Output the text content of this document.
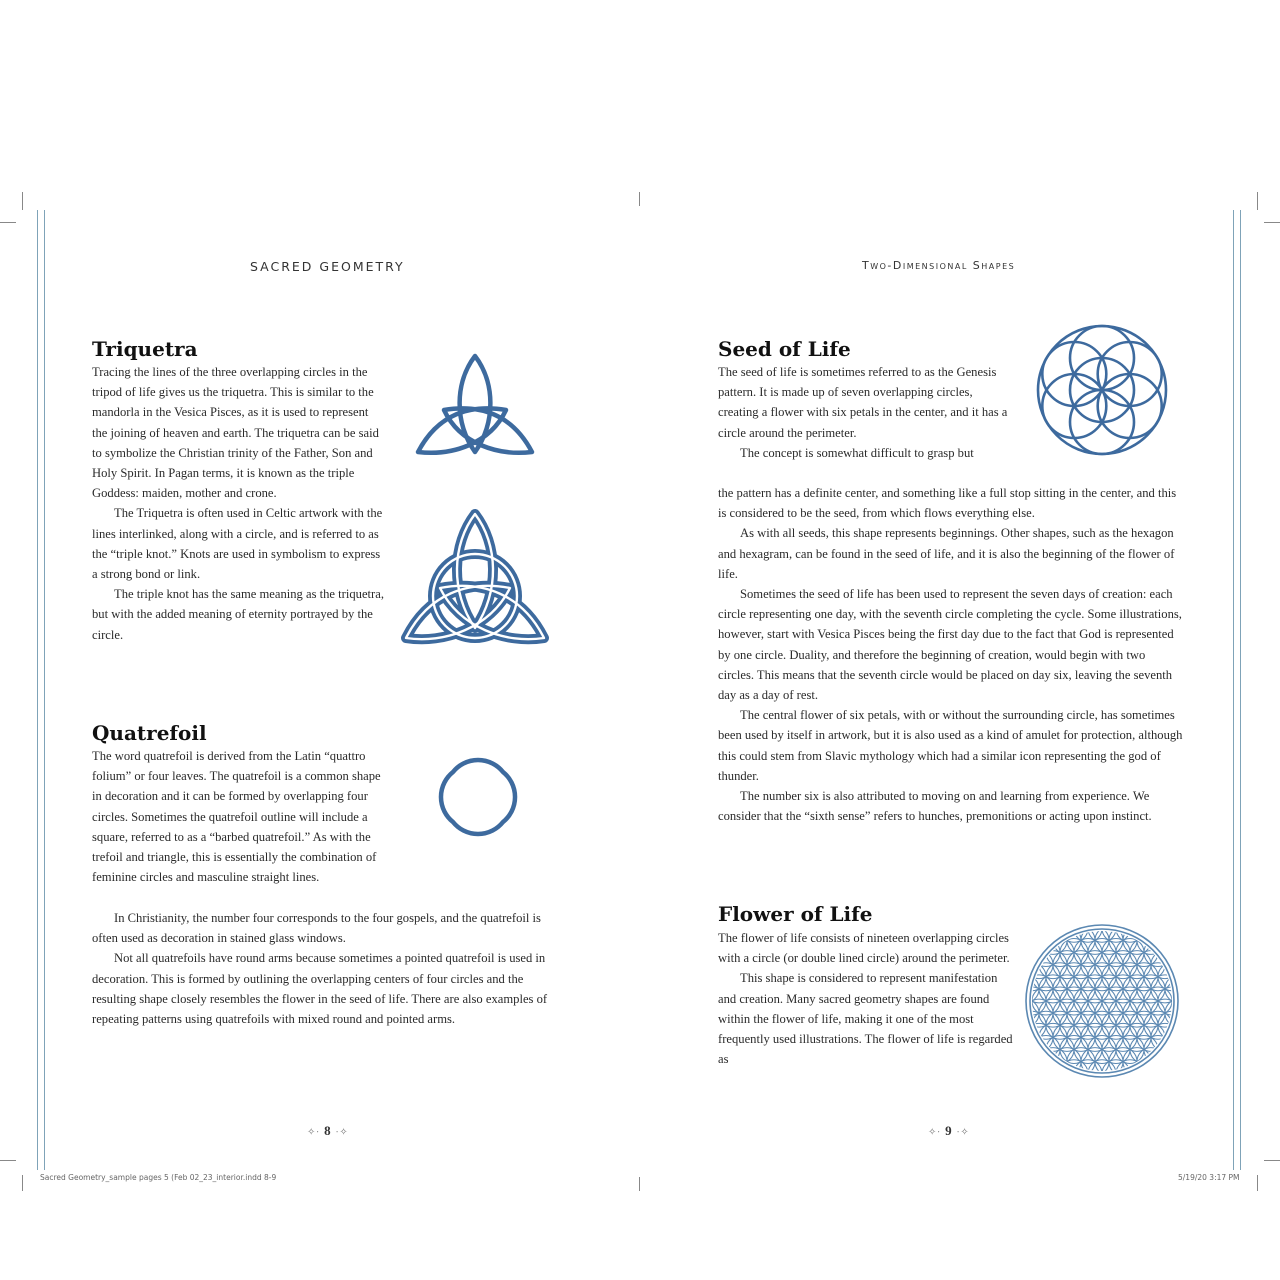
SACRED GEOMETRY
Triquetra

Tracing the lines of the three overlapping circles in the tripod of life gives us the triquetra. This is similar to the mandorla in the Vesica Pisces, as it is used to represent the joining of heaven and earth. The triquetra can be said to symbolize the Christian trinity of the Father, Son and Holy Spirit. In Pagan terms, it is known as the triple Goddess: maiden, mother and crone.

The Triquetra is often used in Celtic artwork with the lines interlinked, along with a circle, and is referred to as the “triple knot.” Knots are used in symbolism to express a strong bond or link.

The triple knot has the same meaning as the triquetra, but with the added meaning of eternity portrayed by the circle.

Quatrefoil

The word quatrefoil is derived from the Latin “quattro folium” or four leaves. The quatrefoil is a common shape in decoration and it can be formed by overlapping four circles. Sometimes the quatrefoil outline will include a square, referred to as a “barbed quatrefoil.” As with the trefoil and triangle, this is essentially the combination of feminine circles and masculine straight lines.

In Christianity, the number four corresponds to the four gospels, and the quatrefoil is often used as decoration in stained glass windows.

Not all quatrefoils have round arms because sometimes a pointed quatrefoil is used in decoration. This is formed by outlining the overlapping centers of four circles and the resulting shape closely resembles the flower in the seed of life. There are also examples of repeating patterns using quatrefoils with mixed round and pointed arms.

✧∙ 8 ∙✧
Two-Dimensional Shapes
Seed of Life

The seed of life is sometimes referred to as the Genesis pattern. It is made up of seven overlapping circles, creating a flower with six petals in the center, and it has a circle around the perimeter.

The concept is somewhat difficult to grasp but

the pattern has a definite center, and something like a full stop sitting in the center, and this is considered to be the seed, from which flows everything else.

As with all seeds, this shape represents beginnings. Other shapes, such as the hexagon and hexagram, can be found in the seed of life, and it is also the beginning of the flower of life.

Sometimes the seed of life has been used to represent the seven days of creation: each circle representing one day, with the seventh circle completing the cycle. Some illustrations, however, start with Vesica Pisces being the first day due to the fact that God is represented by one circle. Duality, and therefore the beginning of creation, would begin with two circles. This means that the seventh circle would be placed on day six, leaving the seventh day as a day of rest.

The central flower of six petals, with or without the surrounding circle, has sometimes been used by itself in artwork, but it is also used as a kind of amulet for protection, although this could stem from Slavic mythology which had a similar icon representing the god of thunder.

The number six is also attributed to moving on and learning from experience. We consider that the “sixth sense” refers to hunches, premonitions or acting upon instinct.

Flower of Life

The flower of life consists of nineteen overlapping circles with a circle (or double lined circle) around the perimeter.

This shape is considered to represent manifestation and creation. Many sacred geometry shapes are found within the flower of life, making it one of the most frequently used illustrations. The flower of life is regarded as

✧∙ 9 ∙✧
Sacred Geometry_sample pages 5 (Feb 02_23_interior.indd 8-9	5/19/20 3:17 PM
